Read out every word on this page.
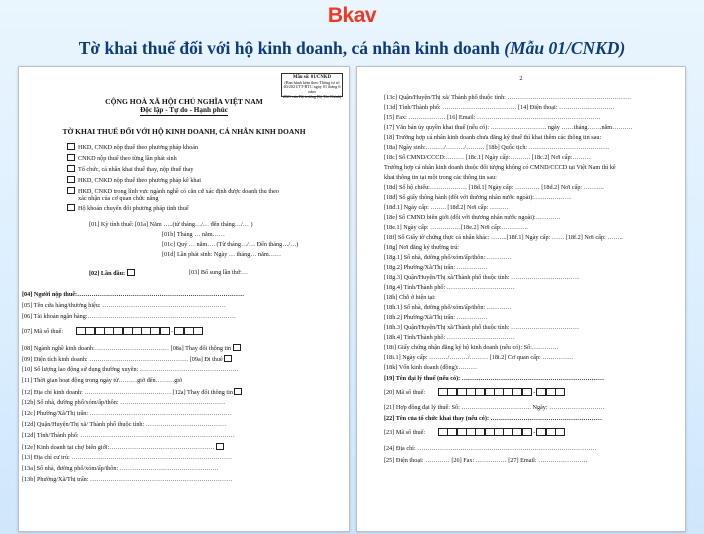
Bkav
Tờ khai thuế đối với hộ kinh doanh, cá nhân kinh doanh (Mẫu 01/CNKD)
Mẫu số: 01/CNKD
(Ban hành kèm theo Thông tư số
40/2021/TT-BTC ngày 01 tháng 6 năm
2021 của Bộ trưởng Bộ Tài Chính)
CỘNG HOÀ XÃ HỘI CHỦ NGHĨA VIỆT NAM
Độc lập - Tự do - Hạnh phúc
TỜ KHAI THUẾ ĐỐI VỚI HỘ KINH DOANH, CÁ NHÂN KINH DOANH
HKD, CNKD nộp thuế theo phương pháp khoán
CNKD nộp thuế theo từng lần phát sinh
Tổ chức, cá nhân khai thuế thay, nộp thuế thay
HKD, CNKD nộp thuế theo phương pháp kê khai
HKD, CNKD trong lĩnh vực ngành nghề có căn cứ xác định được doanh thu theo
xác nhận của cơ quan chức năng
Hộ khoán chuyển đổi phương pháp tính thuế
[01] Kỳ tính thuế: [01a] Năm …..(từ tháng…/… đến tháng…/… )
[01b] Tháng … năm……
[01c] Quý … năm…. (Từ tháng…/… Đến tháng…/…)
[01d] Lần phát sinh: Ngày … tháng… năm……
[02] Lần đầu:	[03] Bổ sung lần thứ:…
[04] Người nộp thuế:………………………………………………………………………
[05] Tên cửa hàng/thương hiệu: ……………………………………………………
[06] Tài khoản ngân hàng:………………………………………………………………
[07] Mã số thuế:	-
[08] Ngành nghề kinh doanh:……………………………… [08a] Thay đổi thông tin
[09] Diện tích kinh doanh: ………………………………………… [09a] Đi thuê
[10] Số lượng lao động sử dụng thường xuyên: …………………………………………
[11] Thời gian hoạt động trong ngày từ………giờ đến………giờ
[12] Địa chỉ kinh doanh: …………………………………… [12a] Thay đổi thông tin
[12b] Số nhà, đường phố/xóm/ấp/thôn: ……………………………………………
[12c] Phường/Xã/Thị trấn: ……………………………………………………………
[12d] Quận/Huyện/Thị xã/ Thành phố thuộc tỉnh: …………………………………
[12đ] Tỉnh/Thành phố: …………………………………………………………………
[12e] Kinh doanh tại chợ biên giới:……………………………………………
[13] Địa chỉ cư trú: ……………………………………………………………………
[13a] Số nhà, đường phố/xóm/ấp/thôn: …………………………………………
[13b] Phường/Xã/Thị trấn: ……………………………………………………………
2
[13c] Quận/Huyện/Thị xã/ Thành phố thuộc tỉnh: ……………………………………………………
[13d] Tỉnh/Thành phố: ……………………………… [14] Điện thoại: ………………………
[15] Fax: ……………… [16] Email: ……………………………………………………
[17] Văn bản ủy quyền khai thuế (nếu có): ……………………… ngày ……tháng…….năm……….
[18] Trường hợp cá nhân kinh doanh chưa đăng ký thuế thì khai thêm các thông tin sau:
[18a] Ngày sinh:………/………/……… [18b] Quốc tịch: …………………………………
[18c] Số CMND/CCCD:……… [18c.1] Ngày cấp:………. [18c.2] Nơi cấp:………
Trường hợp cá nhân kinh doanh thuộc đối tượng không có CMND/CCCD tại Việt Nam thì kê
khai thông tin tại một trong các thông tin sau:
[18d] Số hộ chiếu:……………… [18d.1] Ngày cấp: ………… [18d.2] Nơi cấp: ……….
[18đ] Số giấy thông hành (đối với thương nhân nước ngoài):………………
[18đ.1] Ngày cấp: …….. [18đ.2] Nơi cấp: ………
[18e] Số CMND biên giới (đối với thương nhân nước ngoài):…………
[18e.1] Ngày cấp: ……………[18e.2] Nơi cấp:………….
[18f] Số Giấy tờ chứng thực cá nhân khác: ……..[18f.1] Ngày cấp: …… [18f.2] Nơi cấp: ……..
[18g] Nơi đăng ký thường trú:
[18g.1] Số nhà, đường phố/xóm/ấp/thôn: …………
[18g.2] Phường/Xã/Thị trấn: ……………
[18g.3] Quận/Huyện/Thị xã/Thành phố thuộc tỉnh: ……………………………
[18g.4] Tỉnh/Thành phố: ……………………………
[18h] Chỗ ở hiện tại:
[18h.1] Số nhà, đường phố/xóm/ấp/thôn: …………
[18h.2] Phường/Xã/Thị trấn: ……………
[18h.3] Quận/Huyện/Thị xã/Thành phố thuộc tỉnh: ……………………………
[18h.4] Tỉnh/Thành phố: ……………………………
[18i] Giấy chứng nhận đăng ký hộ kinh doanh (nếu có): Số:………….
[18i.1] Ngày cấp: ………/………/……… [18i.2] Cơ quan cấp: ……………
[18k] Vốn kinh doanh (đồng):………
[19] Tên đại lý thuế (nếu có): ……………………………………………………………
[20] Mã số thuế:	-
[21] Hợp đồng đại lý thuế: Số: ……………………………. Ngày: ………………………
[22] Tên của tổ chức khai thay (nếu có): ………………………………………………
[23] Mã số thuế:	-
[24] Địa chỉ: ……………………………………………………………………………
[25] Điện thoại: ………… [26] Fax: …………… [27] Email: ……………………
